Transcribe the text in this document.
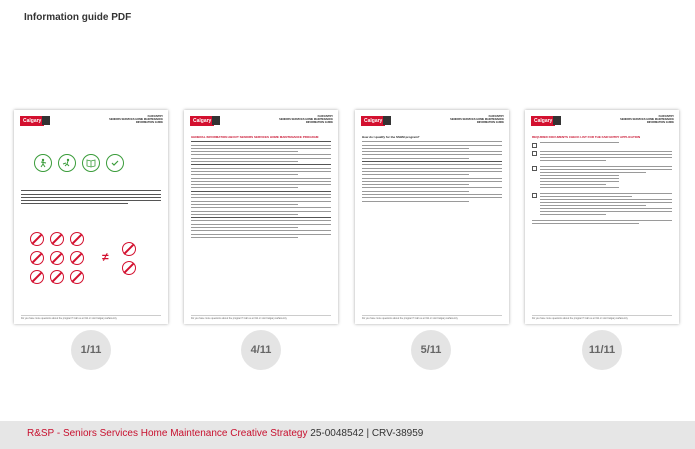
Information guide PDF
Calgary
FAIR ENTRY
SENIORS SERVICES HOME MAINTENANCE
INFORMATION GUIDE
≠
Do you have more questions about the program? Call us at 311 or visit Calgary.ca/fairentry
Calgary
FAIR ENTRY
SENIORS SERVICES HOME MAINTENANCE
INFORMATION GUIDE
GENERAL INFORMATION ABOUT SENIORS SERVICES HOME MAINTENANCE PROGRAM
Do you have more questions about the program? Call us at 311 or visit Calgary.ca/fairentry
Calgary
FAIR ENTRY
SENIORS SERVICES HOME MAINTENANCE
INFORMATION GUIDE
How do I qualify for the SSHM program?
Do you have more questions about the program? Call us at 311 or visit Calgary.ca/fairentry
Calgary
FAIR ENTRY
SENIORS SERVICES HOME MAINTENANCE
INFORMATION GUIDE
REQUIRED DOCUMENTS CHECK LIST FOR THE FAIR ENTRY APPLICATION
Do you have more questions about the program? Call us at 311 or visit Calgary.ca/fairentry
1/11	4/11	5/11	11/11
R&SP - Seniors Services Home Maintenance Creative Strategy 25-0048542 | CRV-38959
